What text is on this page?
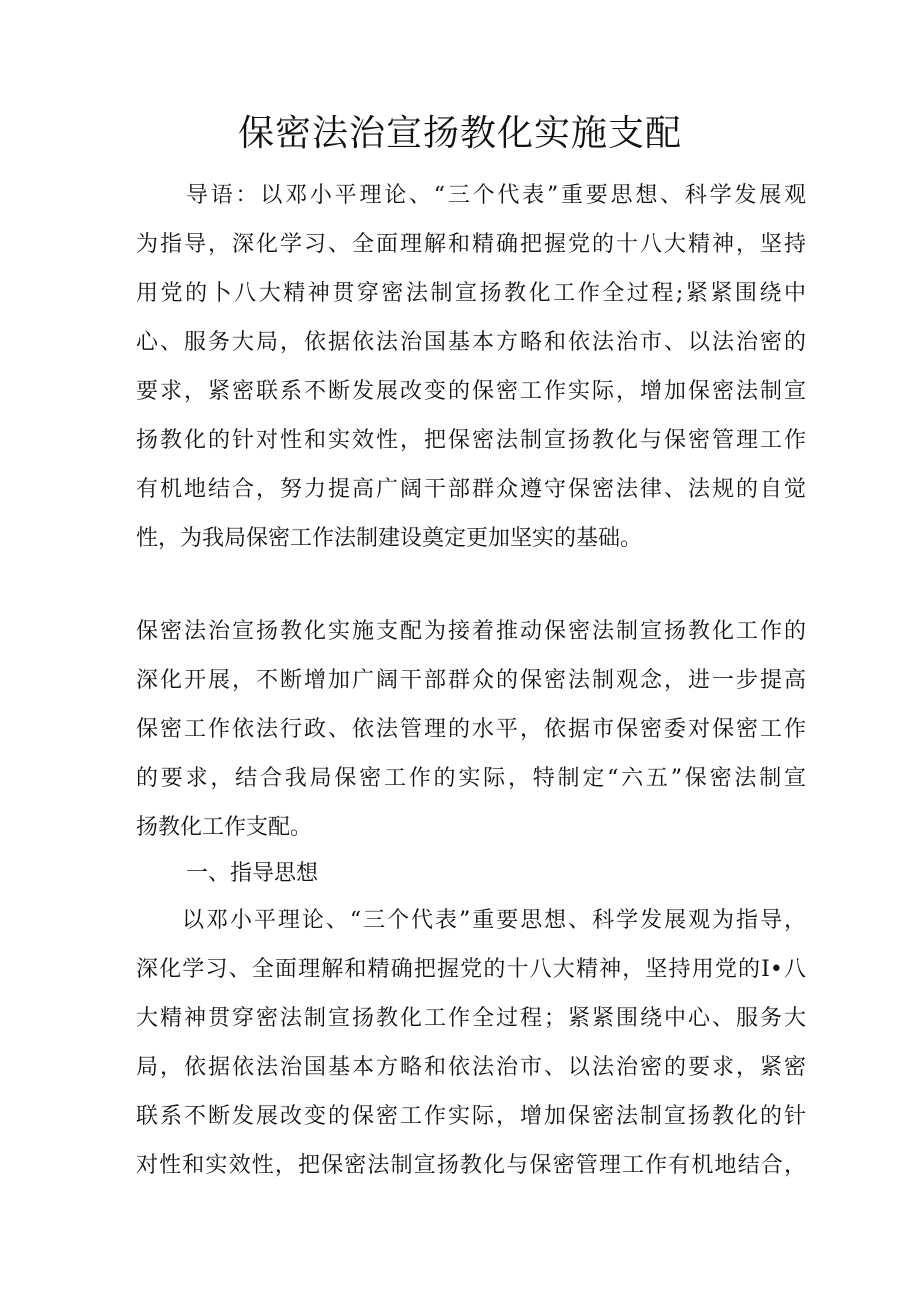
保密法治宣扬教化实施支配

导语：以邓小平理论、“三个代表”重要思想、科学发展观

为指导，深化学习、全面理解和精确把握党的十八大精神，坚持

用党的卜八大精神贯穿密法制宣扬教化工作全过程;紧紧围绕中

心、服务大局，依据依法治国基本方略和依法治市、以法治密的

要求，紧密联系不断发展改变的保密工作实际，增加保密法制宣

扬教化的针对性和实效性，把保密法制宣扬教化与保密管理工作

有机地结合，努力提高广阔干部群众遵守保密法律、法规的自觉

性，为我局保密工作法制建设奠定更加坚实的基础。

保密法治宣扬教化实施支配为接着推动保密法制宣扬教化工作的

深化开展，不断增加广阔干部群众的保密法制观念，进一步提高

保密工作依法行政、依法管理的水平，依据市保密委对保密工作

的要求，结合我局保密工作的实际，特制定“六五”保密法制宣

扬教化工作支配。

一、指导思想

以邓小平理论、“三个代表”重要思想、科学发展观为指导，

深化学习、全面理解和精确把握党的十八大精神，坚持用党的I•八

大精神贯穿密法制宣扬教化工作全过程；紧紧围绕中心、服务大

局，依据依法治国基本方略和依法治市、以法治密的要求，紧密

联系不断发展改变的保密工作实际，增加保密法制宣扬教化的针

对性和实效性，把保密法制宣扬教化与保密管理工作有机地结合，
